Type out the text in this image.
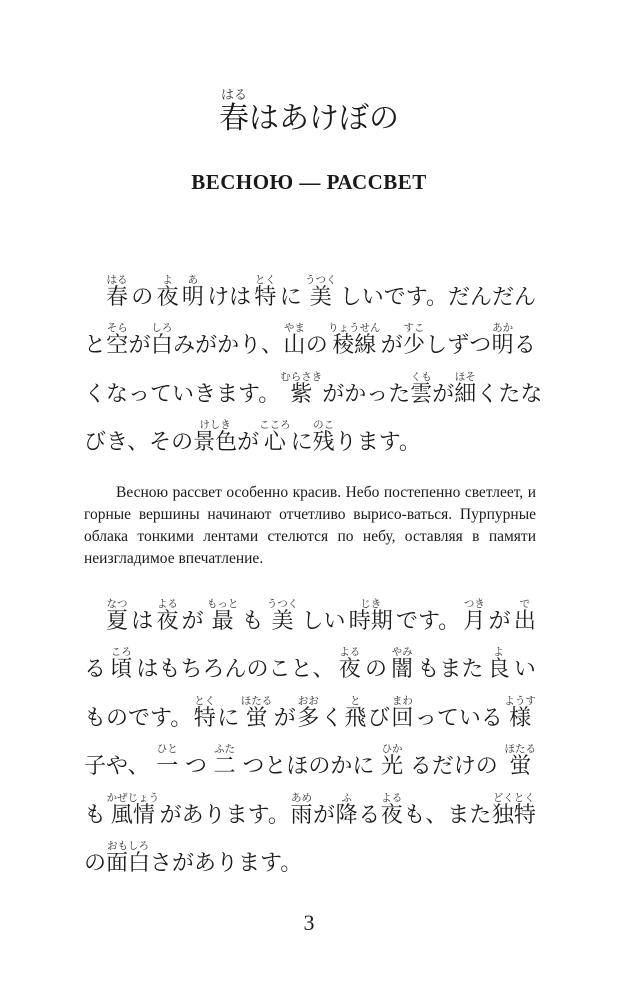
春はるはあけぼの
ВЕСНОЮ — РАССВЕТ
春はる
の 夜よ
明あ
けは 特とく
に 美うつく
しいです。だんだん
と 空そら
が 白しろ
みがかり、 山やま
の 稜線りょうせん
が 少すこ
しずつ 明あか
る
くなっていきます。 紫むらさき
がかった 雲くも
が 細ほそ
くたな
びき、その 景色けしき
が 心こころ
に 残のこ
ります。
Весною рассвет особенно красив. Небо постепенно светлеет, и горные вершины начинают отчетливо вырисо-ваться. Пурпурные облака тонкими лентами стелются по небу, оставляя в памяти неизгладимое впечатление.
夏なつ
は 夜よる
が 最もっと
も 美うつく
しい 時期じき
です。 月つき
が 出で
る 頃ころ
はもちろんのこと、 夜よる
の 闇やみ
もまた 良よ
い
ものです。 特とく
に 蛍ほたる
が 多おお
く 飛と
び 回まわ
っている 様ようす
子や、 一ひと
つ 二ふた
つとほのかに 光ひか
るだけの 蛍ほたる
も 風情かぜじょう
があります。 雨あめ
が 降ふ
る 夜よる
も、また 独特どくとく
の 面白おもしろ
さがあります。
3
